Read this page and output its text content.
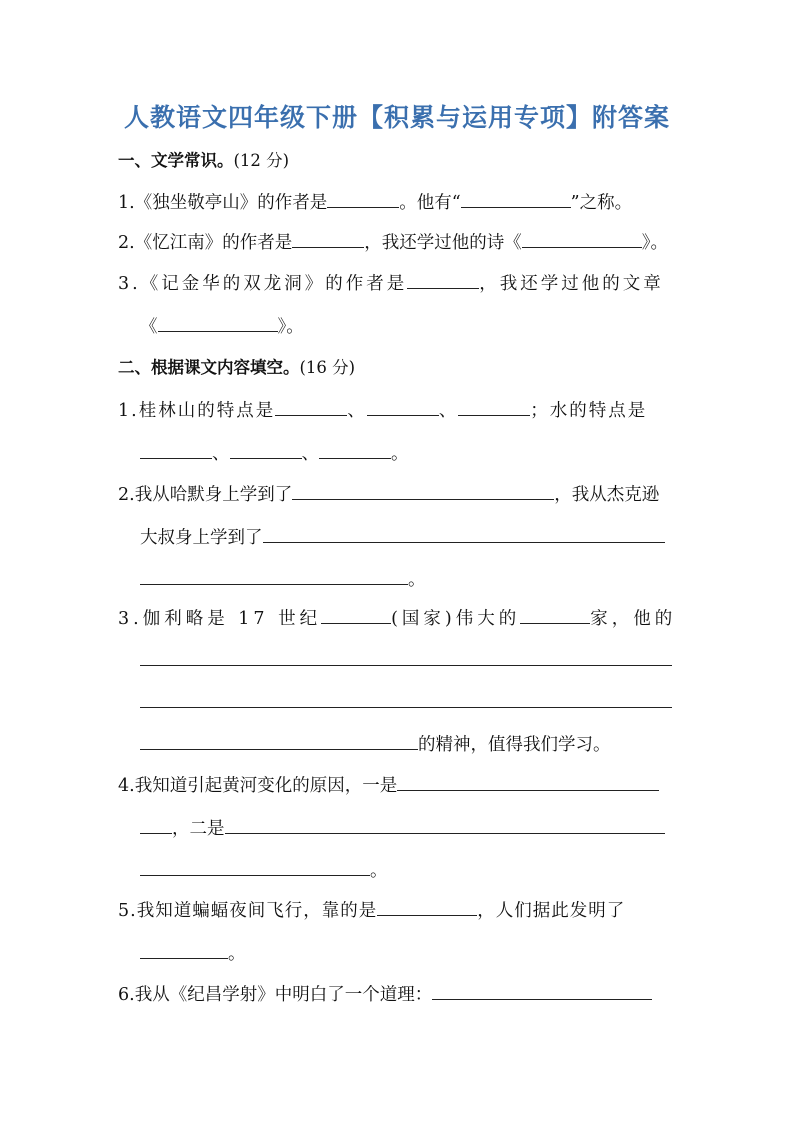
人教语文四年级下册【积累与运用专项】附答案
一、文学常识。(12 分)
1.《独坐敬亭山》的作者是	。他有“	”之称。
2.《忆江南》的作者是	，我还学过他的诗《	》。
3.《记金华的双龙洞》的作者是	，我还学过他的文章
《	》。
二、根据课文内容填空。(16 分)
1.桂林山的特点是	、	、	；水的特点是
、	、	。
2.我从哈默身上学到了	，我从杰克逊
大叔身上学到了
。
3.伽利略是 17 世纪	(国家)伟大的	家，他的
的精神，值得我们学习。
4.我知道引起黄河变化的原因，一是
，二是
。
5.我知道蝙蝠夜间飞行，靠的是	，人们据此发明了
。
6.我从《纪昌学射》中明白了一个道理：
